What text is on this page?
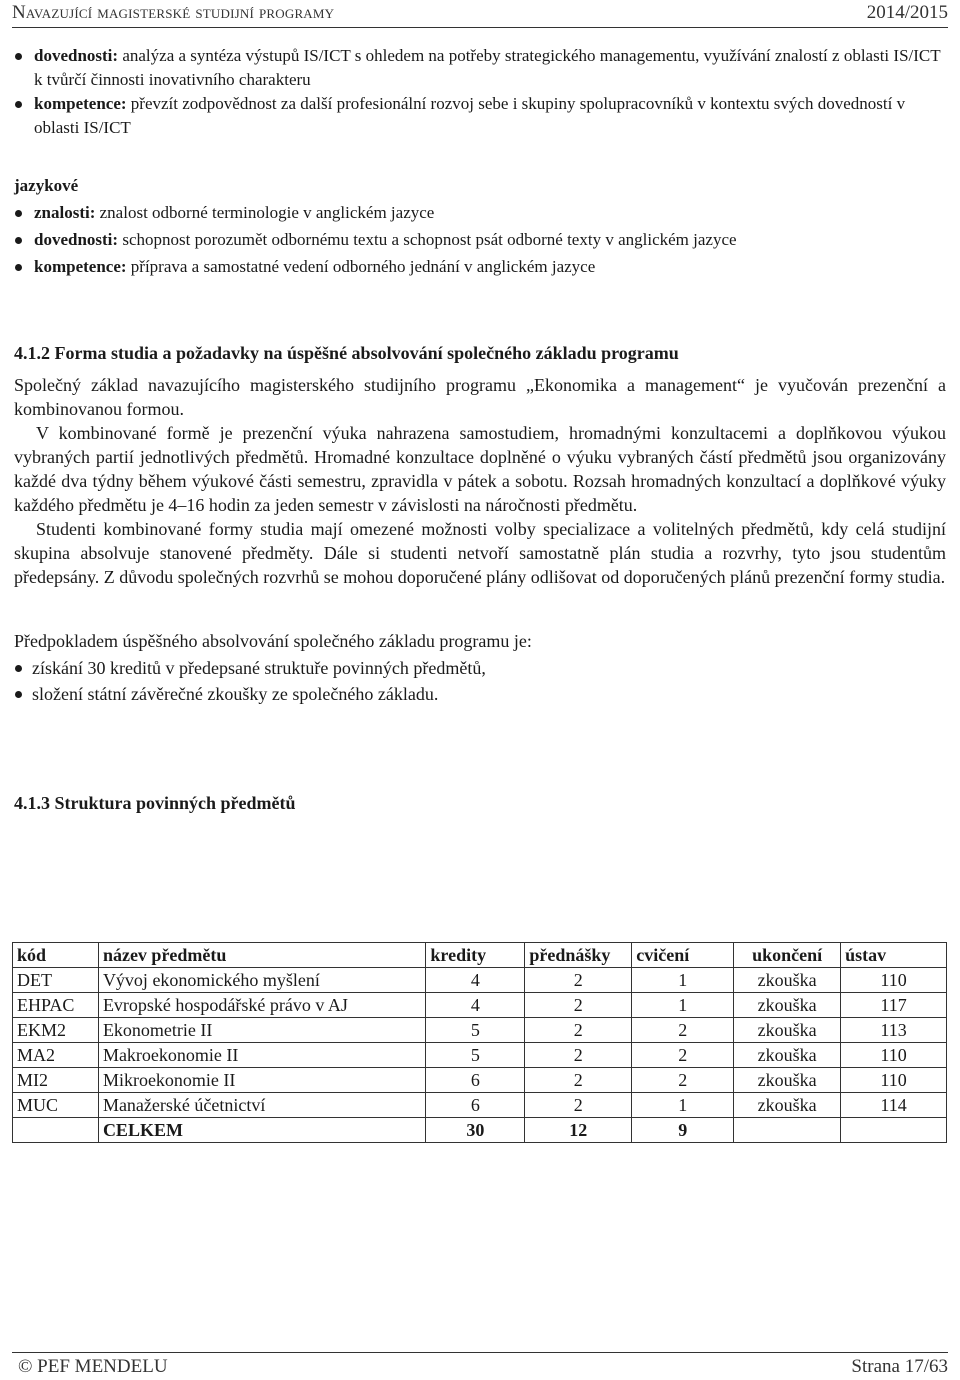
Navazující magisterské studijní programy	2014/2015
dovednosti: analýza a syntéza výstupů IS/ICT s ohledem na potřeby strategického managementu, využívání znalostí z oblasti IS/ICT k tvůrčí činnosti inovativního charakteru
kompetence: převzít zodpovědnost za další profesionální rozvoj sebe i skupiny spolupracovníků v kontextu svých dovedností v oblasti IS/ICT
jazykové
znalosti: znalost odborné terminologie v anglickém jazyce
dovednosti: schopnost porozumět odbornému textu a schopnost psát odborné texty v anglickém jazyce
kompetence: příprava a samostatné vedení odborného jednání v anglickém jazyce
4.1.2 Forma studia a požadavky na úspěšné absolvování společného základu programu

Společný základ navazujícího magisterského studijního programu „Ekonomika a management“ je vyučován prezenční a kombinovanou formou.

V kombinované formě je prezenční výuka nahrazena samostudiem, hromadnými konzultacemi a doplňkovou výukou vybraných partií jednotlivých předmětů. Hromadné konzultace doplněné o výuku vybraných částí předmětů jsou organizovány každé dva týdny během výukové části semestru, zpravidla v pátek a sobotu. Rozsah hromadných konzultací a doplňkové výuky každého předmětu je 4–16 hodin za jeden semestr v závislosti na náročnosti předmětu.

Studenti kombinované formy studia mají omezené možnosti volby specializace a volitelných předmětů, kdy celá studijní skupina absolvuje stanovené předměty. Dále si studenti netvoří samostatně plán studia a rozvrhy, tyto jsou studentům předepsány. Z důvodu společných rozvrhů se mohou doporučené plány odlišovat od doporučených plánů prezenční formy studia.

Předpokladem úspěšného absolvování společného základu programu je:

získání 30 kreditů v předepsané struktuře povinných předmětů,
složení státní závěrečné zkoušky ze společného základu.
4.1.3 Struktura povinných předmětů
kód	název předmětu	kredity	přednášky	cvičení	ukončení	ústav
DET	Vývoj ekonomického myšlení	4	2	1	zkouška	110
EHPAC	Evropské hospodářské právo v AJ	4	2	1	zkouška	117
EKM2	Ekonometrie II	5	2	2	zkouška	113
MA2	Makroekonomie II	5	2	2	zkouška	110
MI2	Mikroekonomie II	6	2	2	zkouška	110
MUC	Manažerské účetnictví	6	2	1	zkouška	114
	CELKEM	30	12	9		
© PEF MENDELU	Strana 17/63
